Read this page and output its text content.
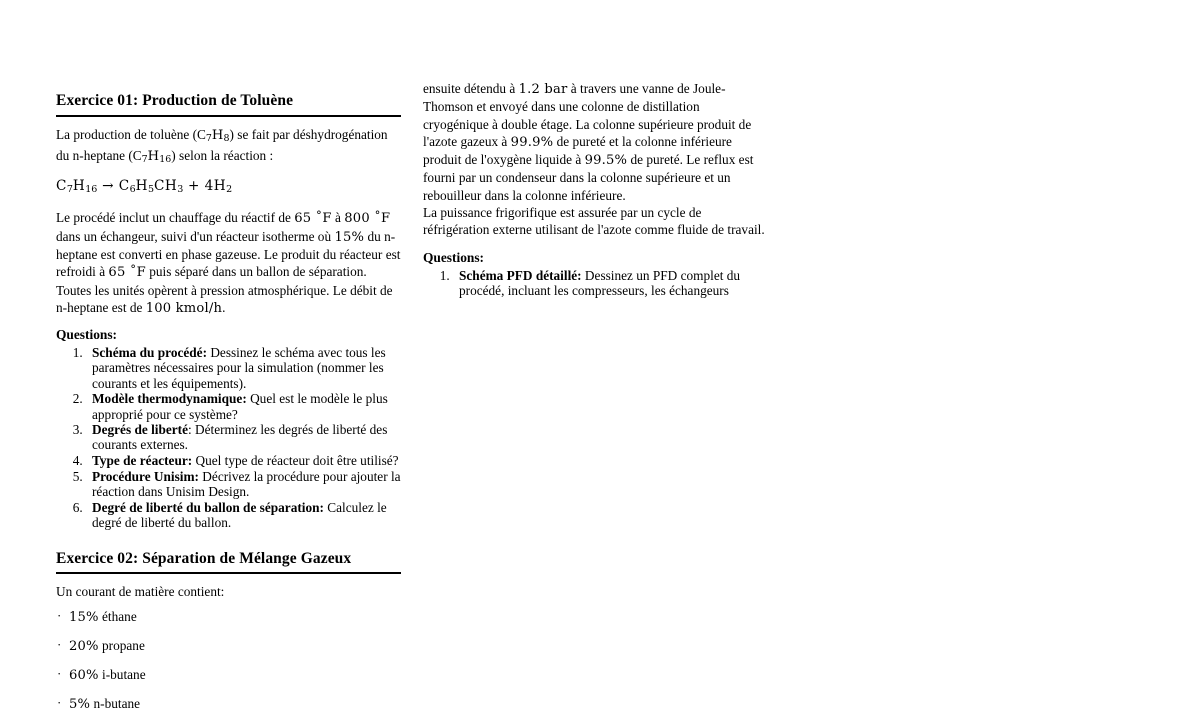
Exercice 01: Production de Toluène

La production de toluène $(C_7H_8)$ se fait par déshydrogénation du n-heptane $(C_7H_{16})$ selon la réaction :

$C_7H_{16} \to C_6H_5CH_3 + 4H_2$

Le procédé inclut un chauffage du réactif de 65 ˚F à 800 ˚F dans un échangeur, suivi d'un réacteur isotherme où 15% du n-heptane est converti en phase gazeuse. Le produit du réacteur est refroidi à 65 ˚F puis séparé dans un ballon de séparation. Toutes les unités opèrent à pression atmosphérique. Le débit de n-heptane est de 100 kmol/h.

Questions:

1. Schéma du procédé: Dessinez le schéma avec tous les paramètres nécessaires pour la simulation (nommer les courants et les équipements).
2. Modèle thermodynamique: Quel est le modèle le plus approprié pour ce système?
3. Degrés de liberté: Déterminez les degrés de liberté des courants externes.
4. Type de réacteur: Quel type de réacteur doit être utilisé?
5. Procédure Unisim: Décrivez la procédure pour ajouter la réaction dans Unisim Design.
6. Degré de liberté du ballon de séparation: Calculez le degré de liberté du ballon.
Exercice 02: Séparation de Mélange Gazeux

Un courant de matière contient:

· 15% éthane
· 20% propane
· 60% i-butane
· 5% n-butane

ensuite détendu à 1.2 bar à travers une vanne de Joule-Thomson et envoyé dans une colonne de distillation cryogénique à double étage. La colonne supérieure produit de l'azote gazeux à 99.9% de pureté et la colonne inférieure produit de l'oxygène liquide à 99.5% de pureté. Le reflux est fourni par un condenseur dans la colonne supérieure et un rebouilleur dans la colonne inférieure.

La puissance frigorifique est assurée par un cycle de réfrigération externe utilisant de l'azote comme fluide de travail.

Questions:

1. Schéma PFD détaillé: Dessinez un PFD complet du procédé, incluant les compresseurs, les échangeurs
